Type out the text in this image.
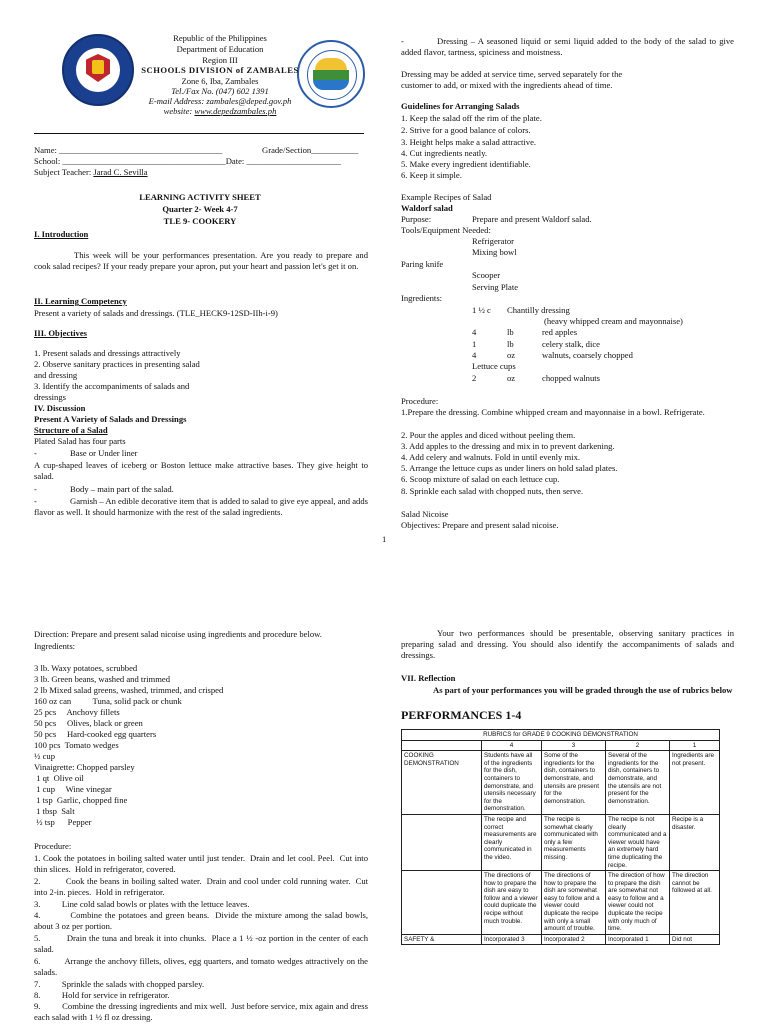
Republic of the Philippines
Department of Education
Region III
SCHOOLS DIVISION of ZAMBALES
Zone 6, Iba, Zambales
Tel./Fax No. (047) 602 1391
E-mail Address: zambales@deped.gov.ph
website: www.depedzambales.ph
Name: ______________________________________	Grade/Section___________
School: ______________________________________Date: ______________________
Subject Teacher: Jarad C. Sevilla
LEARNING ACTIVITY SHEET
Quarter 2- Week 4-7
TLE 9- COOKERY
I. Introduction
This week will be your performances presentation. Are you ready to prepare and cook salad recipes? If your ready prepare your apron, put your heart and passion let's get it on.
II. Learning Competency
Present a variety of salads and dressings. (TLE_HECK9-12SD-IIh-i-9)
III. Objectives
1. Present salads and dressings attractively
2. Observe sanitary practices in presenting salad
and dressing
3. Identify the accompaniments of salads and
dressings
IV. Discussion
Present A Variety of Salads and Dressings
Structure of a Salad
Plated Salad has four parts
-	Base or Under liner
A cup-shaped leaves of iceberg or Boston lettuce make attractive bases. They give height to salad.
-	Body – main part of the salad.
-	Garnish – An edible decorative item that is added to salad to give eye appeal, and adds flavor as well. It should harmonize with the rest of the salad ingredients.
-	Dressing – A seasoned liquid or semi liquid added to the body of the salad to give added flavor, tartness, spiciness and moistness.
Dressing may be added at service time, served separately for the
customer to add, or mixed with the ingredients ahead of time.
Guidelines for Arranging Salads
1. Keep the salad off the rim of the plate.
2. Strive for a good balance of colors.
3. Height helps make a salad attractive.
4. Cut ingredients neatly.
5. Make every ingredient identifiable.
6. Keep it simple.
Example Recipes of Salad
Waldorf salad
Purpose:	Prepare and present Waldorf salad.
Tools/Equipment Needed:
Refrigerator
Mixing bowl
Paring knife
Scooper
Serving Plate
Ingredients:
1 ½ c Chantilly dressing
(heavy whipped cream and mayonnaise)
4	lb	red apples
1	lb	celery stalk, dice
4	oz	walnuts, coarsely chopped
Lettuce cups
2	oz	chopped walnuts
Procedure:
1.Prepare the dressing. Combine whipped cream and mayonnaise in a bowl. Refrigerate.
2. Pour the apples and diced without peeling them.
3. Add apples to the dressing and mix in to prevent darkening.
4. Add celery and walnuts. Fold in until evenly mix.
5. Arrange the lettuce cups as under liners on hold salad plates.
6. Scoop mixture of salad on each lettuce cup.
8. Sprinkle each salad with chopped nuts, then serve.
Salad Nicoise
Objectives: Prepare and present salad nicoise.
1
Direction: Prepare and present salad nicoise using ingredients and procedure below.
Ingredients:
3 lb. Waxy potatoes, scrubbed
3 lb. Green beans, washed and trimmed
2 lb Mixed salad greens, washed, trimmed, and crisped
160 oz can          Tuna, solid pack or chunk
25 pcs     Anchovy fillets
50 pcs     Olives, black or green
50 pcs     Hard-cooked egg quarters
100 pcs  Tomato wedges
½ cup
Vinaigrette: Chopped parsley
1 qt  Olive oil
1 cup     Wine vinegar
1 tsp  Garlic, chopped fine
1 tbsp  Salt
½ tsp      Pepper
Procedure:
1. Cook the potatoes in boiling salted water until just tender.  Drain and let cool. Peel.  Cut into thin slices.  Hold in refrigerator, covered.
2.          Cook the beans in boiling salted water.  Drain and cool under cold running water.  Cut into 2-in. pieces.  Hold in refrigerator.
3.          Line cold salad bowls or plates with the lettuce leaves.
4.          Combine the potatoes and green beans.  Divide the mixture among the salad bowls, about 3 oz per portion.
5.          Drain the tuna and break it into chunks.  Place a 1 ½ -oz portion in the center of each salad.
6.          Arrange the anchovy fillets, olives, egg quarters, and tomato wedges attractively on the salads.
7.          Sprinkle the salads with chopped parsley.
8.          Hold for service in refrigerator.
9.          Combine the dressing ingredients and mix well.  Just before service, mix again and dress each salad with 1 ½ fl oz dressing.
Your two performances should be presentable, observing sanitary practices in preparing salad and dressing. You should also identify the accompaniments of salads and dressings.
VII. Reflection
As part of your performances you will be graded through the use of rubrics below
PERFORMANCES 1-4
RUBRICS for GRADE 9 COOKING DEMONSTRATION				
	4	3	2	1
COOKING DEMONSTRATION	Students have all of the ingredients for the dish, containers to demonstrate, and utensils necessary for the demonstration.	Some of the ingredients for the dish, containers to demonstrate, and utensils are present for the demonstration.	Several of the ingredients for the dish, containers to demonstrate, and the utensils are not present for the demonstration.	Ingredients are not present.
	The recipe and correct measurements are clearly communicated in the video.	The recipe is somewhat clearly communicated with only a few measurements missing.	The recipe is not clearly communicated and a viewer would have an extremely hard time duplicating the recipe.	Recipe is a disaster.
	The directions of how to prepare the dish are easy to follow and a viewer could duplicate the recipe without much trouble.	The directions of how to prepare the dish are somewhat easy to follow and a viewer could duplicate the recipe with only a small amount of trouble.	The direction of how to prepare the dish are somewhat not easy to follow and a viewer could not duplicate the recipe with only much of time.	The direction cannot be followed at all.
SAFETY &	Incorporated 3	Incorporated 2	Incorporated 1	Did not
